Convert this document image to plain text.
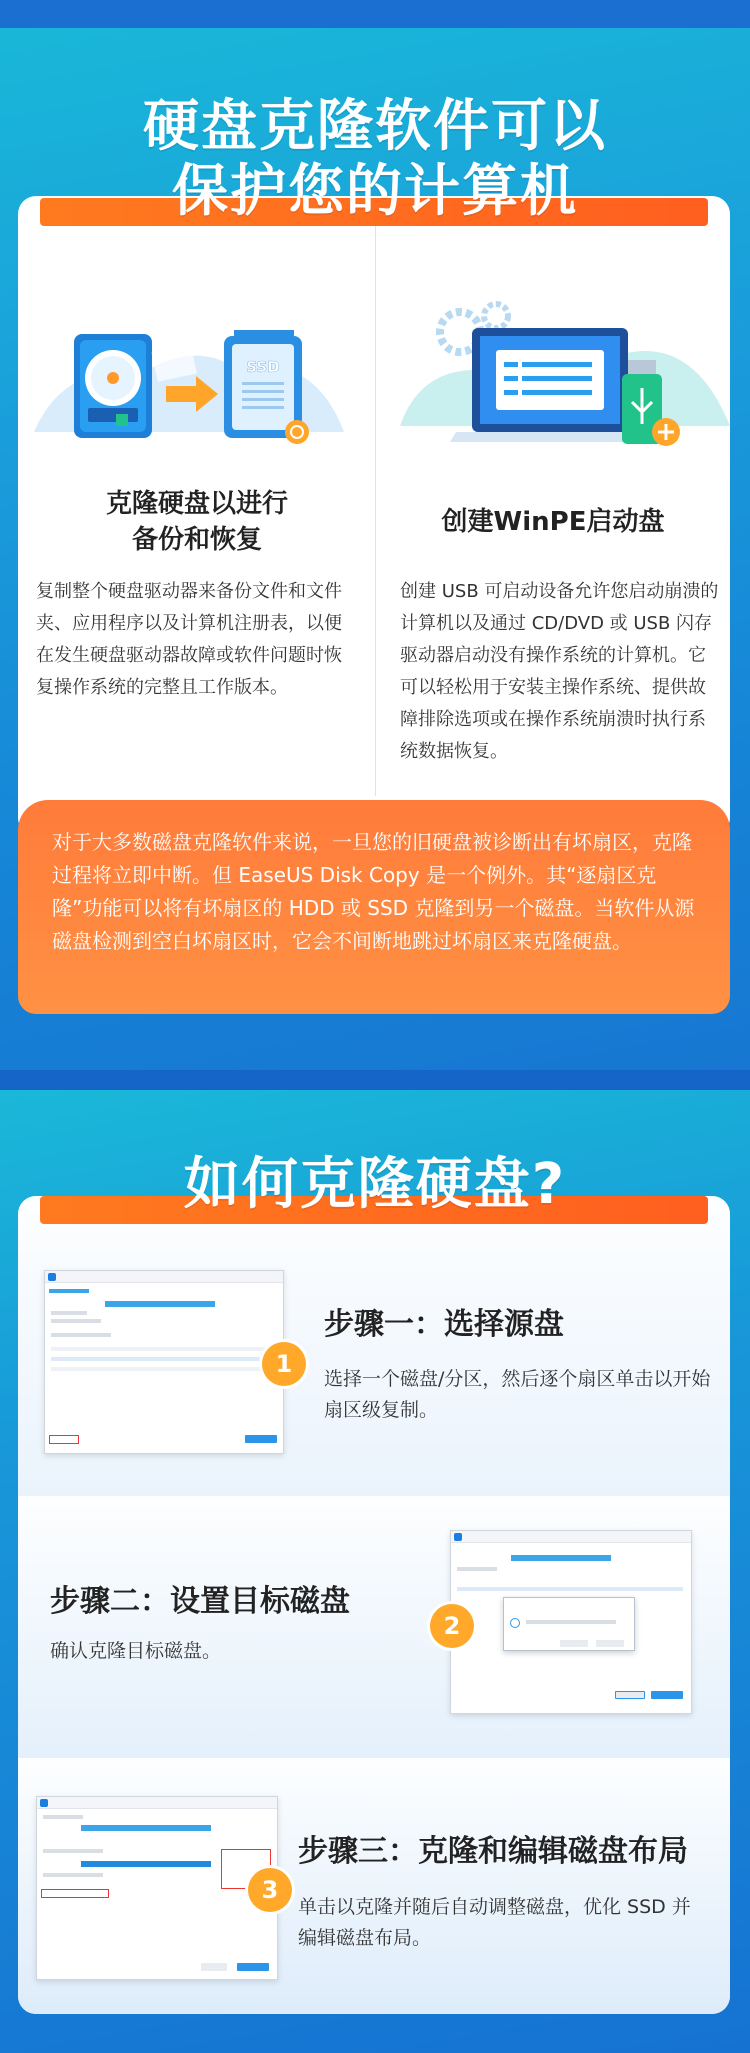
硬盘克隆软件可以
保护您的计算机
SSD
克隆硬盘以进行
备份和恢复
复制整个硬盘驱动器来备份文件和文件夹、应用程序以及计算机注册表，以便在发生硬盘驱动器故障或软件问题时恢复操作系统的完整且工作版本。
创建WinPE启动盘
创建 USB 可启动设备允许您启动崩溃的计算机以及通过 CD/DVD 或 USB 闪存驱动器启动没有操作系统的计算机。它可以轻松用于安装主操作系统、提供故障排除选项或在操作系统崩溃时执行系统数据恢复。
对于大多数磁盘克隆软件来说，一旦您的旧硬盘被诊断出有坏扇区，克隆过程将立即中断。但 EaseUS Disk Copy 是一个例外。其“逐扇区克隆”功能可以将有坏扇区的 HDD 或 SSD 克隆到另一个磁盘。当软件从源磁盘检测到空白坏扇区时，它会不间断地跳过坏扇区来克隆硬盘。
如何克隆硬盘?
1
步骤一：选择源盘
选择一个磁盘/分区，然后逐个扇区单击以开始扇区级复制。
步骤二：设置目标磁盘
确认克隆目标磁盘。
2
3
步骤三：克隆和编辑磁盘布局
单击以克隆并随后自动调整磁盘，优化 SSD 并编辑磁盘布局。
